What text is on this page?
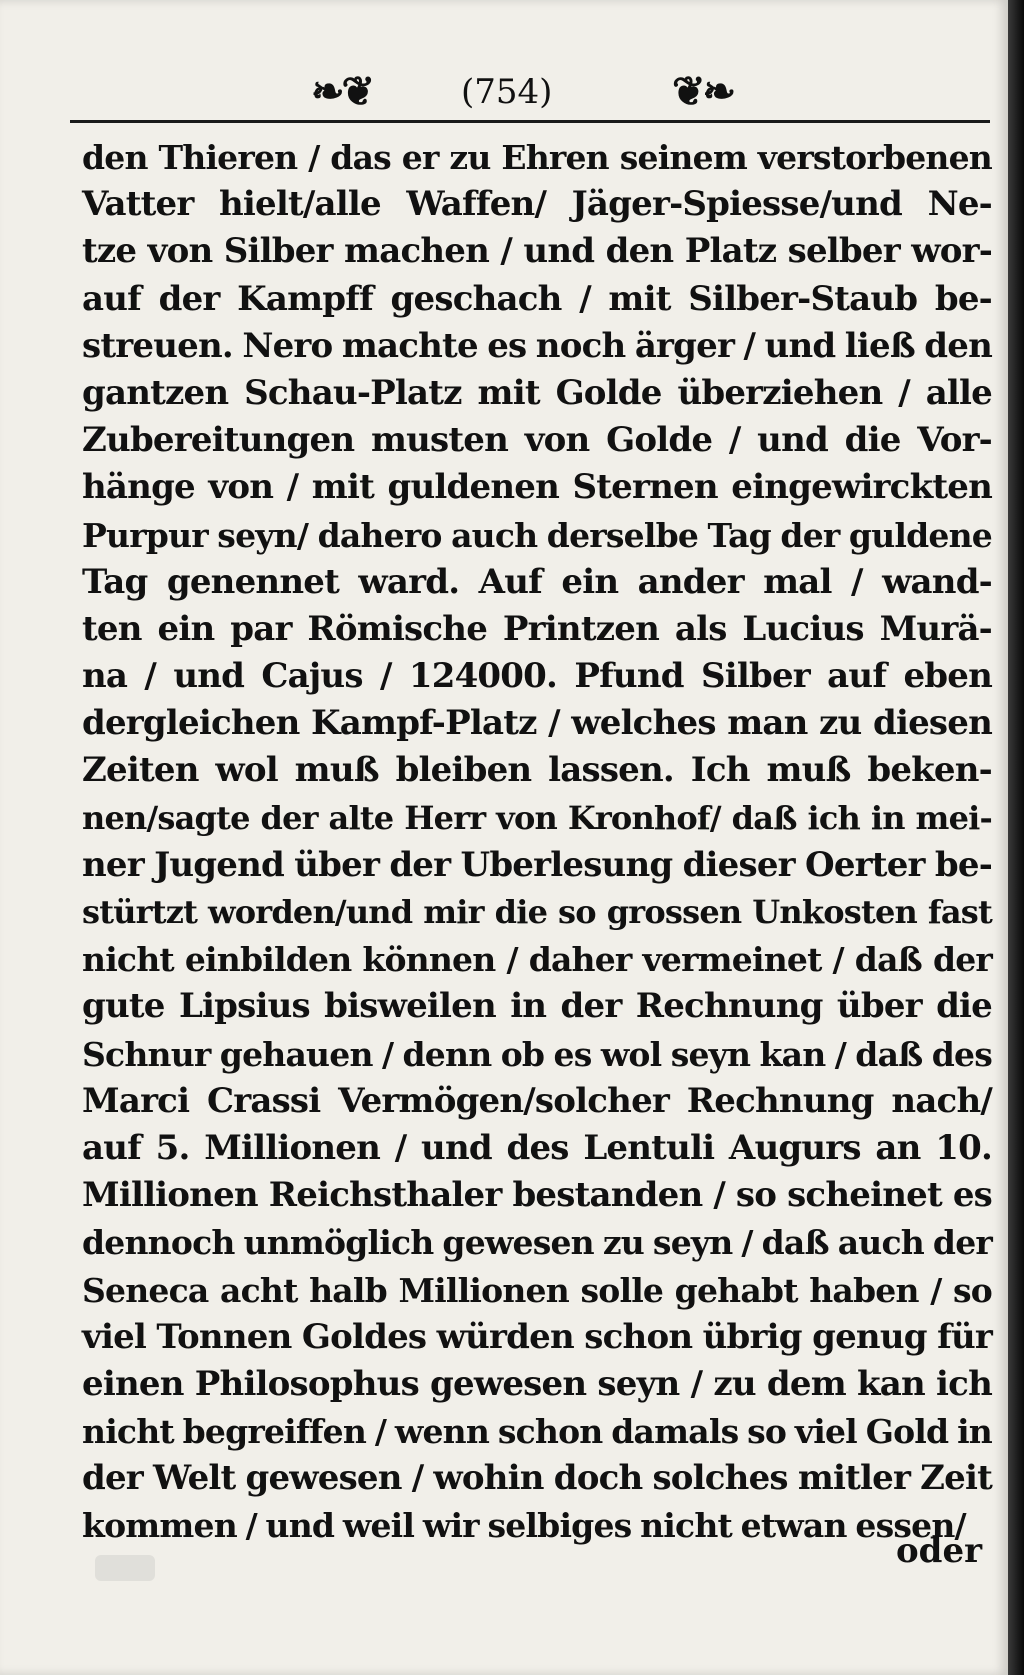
❧❦	(754)	❦❧
den Thieren / das er zu Ehren seinem verstorbenen
Vatter hielt/alle Waffen/ Jäger-Spiesse/und Ne-
tze von Silber machen / und den Platz selber wor-
auf der Kampff geschach / mit Silber-Staub be-
streuen. Nero machte es noch ärger / und ließ den
gantzen Schau-Platz mit Golde überziehen / alle
Zubereitungen musten von Golde / und die Vor-
hänge von / mit guldenen Sternen eingewirckten
Purpur seyn/ dahero auch derselbe Tag der guldene
Tag genennet ward. Auf ein ander mal / wand-
ten ein par Römische Printzen als Lucius Murä-
na / und Cajus / 124000. Pfund Silber auf eben
dergleichen Kampf-Platz / welches man zu diesen
Zeiten wol muß bleiben lassen. Ich muß beken-
nen/sagte der alte Herr von Kronhof/ daß ich in mei-
ner Jugend über der Uberlesung dieser Oerter be-
stürtzt worden/und mir die so grossen Unkosten fast
nicht einbilden können / daher vermeinet / daß der
gute Lipsius bisweilen in der Rechnung über die
Schnur gehauen / denn ob es wol seyn kan / daß des
Marci Crassi Vermögen/solcher Rechnung nach/
auf 5. Millionen / und des Lentuli Augurs an 10.
Millionen Reichsthaler bestanden / so scheinet es
dennoch unmöglich gewesen zu seyn / daß auch der
Seneca acht halb Millionen solle gehabt haben / so
viel Tonnen Goldes würden schon übrig genug für
einen Philosophus gewesen seyn / zu dem kan ich
nicht begreiffen / wenn schon damals so viel Gold in
der Welt gewesen / wohin doch solches mitler Zeit
kommen / und weil wir selbiges nicht etwan essen/
oder
